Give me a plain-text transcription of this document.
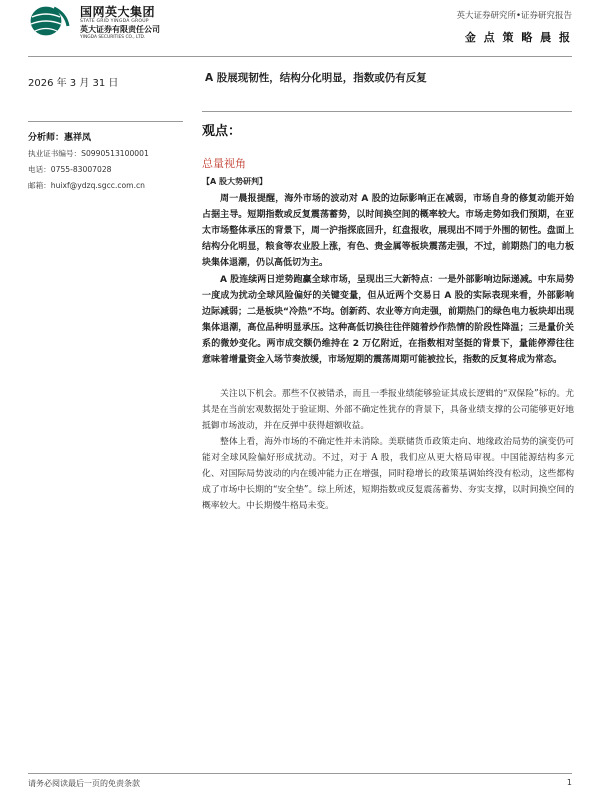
国网英大集团
STATE GRID YINGDA GROUP
英大证券有限责任公司
YINGDA SECURITIES CO., LTD.
英大证券研究所•证券研究报告
金 点 策 略 晨 报
2026 年 3 月 31 日	A 股展现韧性，结构分化明显，指数或仍有反复
分析师：惠祥凤
执业证书编号：S0990513100001
电话：0755-83007028
邮箱：huixf@ydzq.sgcc.com.cn
观点：
总量视角
【A 股大势研判】

周一晨报提醒，海外市场的波动对 A 股的边际影响正在减弱，市场自身的修复动能开始占据主导。短期指数或反复震荡蓄势，以时间换空间的概率较大。市场走势如我们预期，在亚太市场整体承压的背景下，周一沪指探底回升，红盘报收，展现出不同于外围的韧性。盘面上结构分化明显，粮食等农业股上涨，有色、贵金属等板块震荡走强，不过，前期热门的电力板块集体退潮，仍以高低切为主。

A 股连续两日逆势跑赢全球市场，呈现出三大新特点：一是外部影响边际递减。中东局势一度成为扰动全球风险偏好的关键变量，但从近两个交易日 A 股的实际表现来看，外部影响边际减弱；二是板块“冷热”不均。创新药、农业等方向走强，前期热门的绿色电力板块却出现集体退潮，高位品种明显承压。这种高低切换往往伴随着炒作热情的阶段性降温；三是量价关系的微妙变化。两市成交额仍维持在 2 万亿附近，在指数相对坚挺的背景下，量能停滞往往意味着增量资金入场节奏放缓，市场短期的震荡周期可能被拉长，指数的反复将成为常态。

关注以下机会。那些不仅被错杀，而且一季报业绩能够验证其成长逻辑的“双保险”标的。尤其是在当前宏观数据处于验证期、外部不确定性犹存的背景下，具备业绩支撑的公司能够更好地抵御市场波动，并在反弹中获得超额收益。

整体上看，海外市场的不确定性并未消除。美联储货币政策走向、地缘政治局势的演变仍可能对全球风险偏好形成扰动。不过，对于 A 股，我们应从更大格局审视。中国能源结构多元化、对国际局势波动的内在缓冲能力正在增强，同时稳增长的政策基调始终没有松动，这些都构成了市场中长期的“安全垫”。综上所述，短期指数或反复震荡蓄势、夯实支撑，以时间换空间的概率较大。中长期慢牛格局未变。

请务必阅读最后一页的免责条款	1
